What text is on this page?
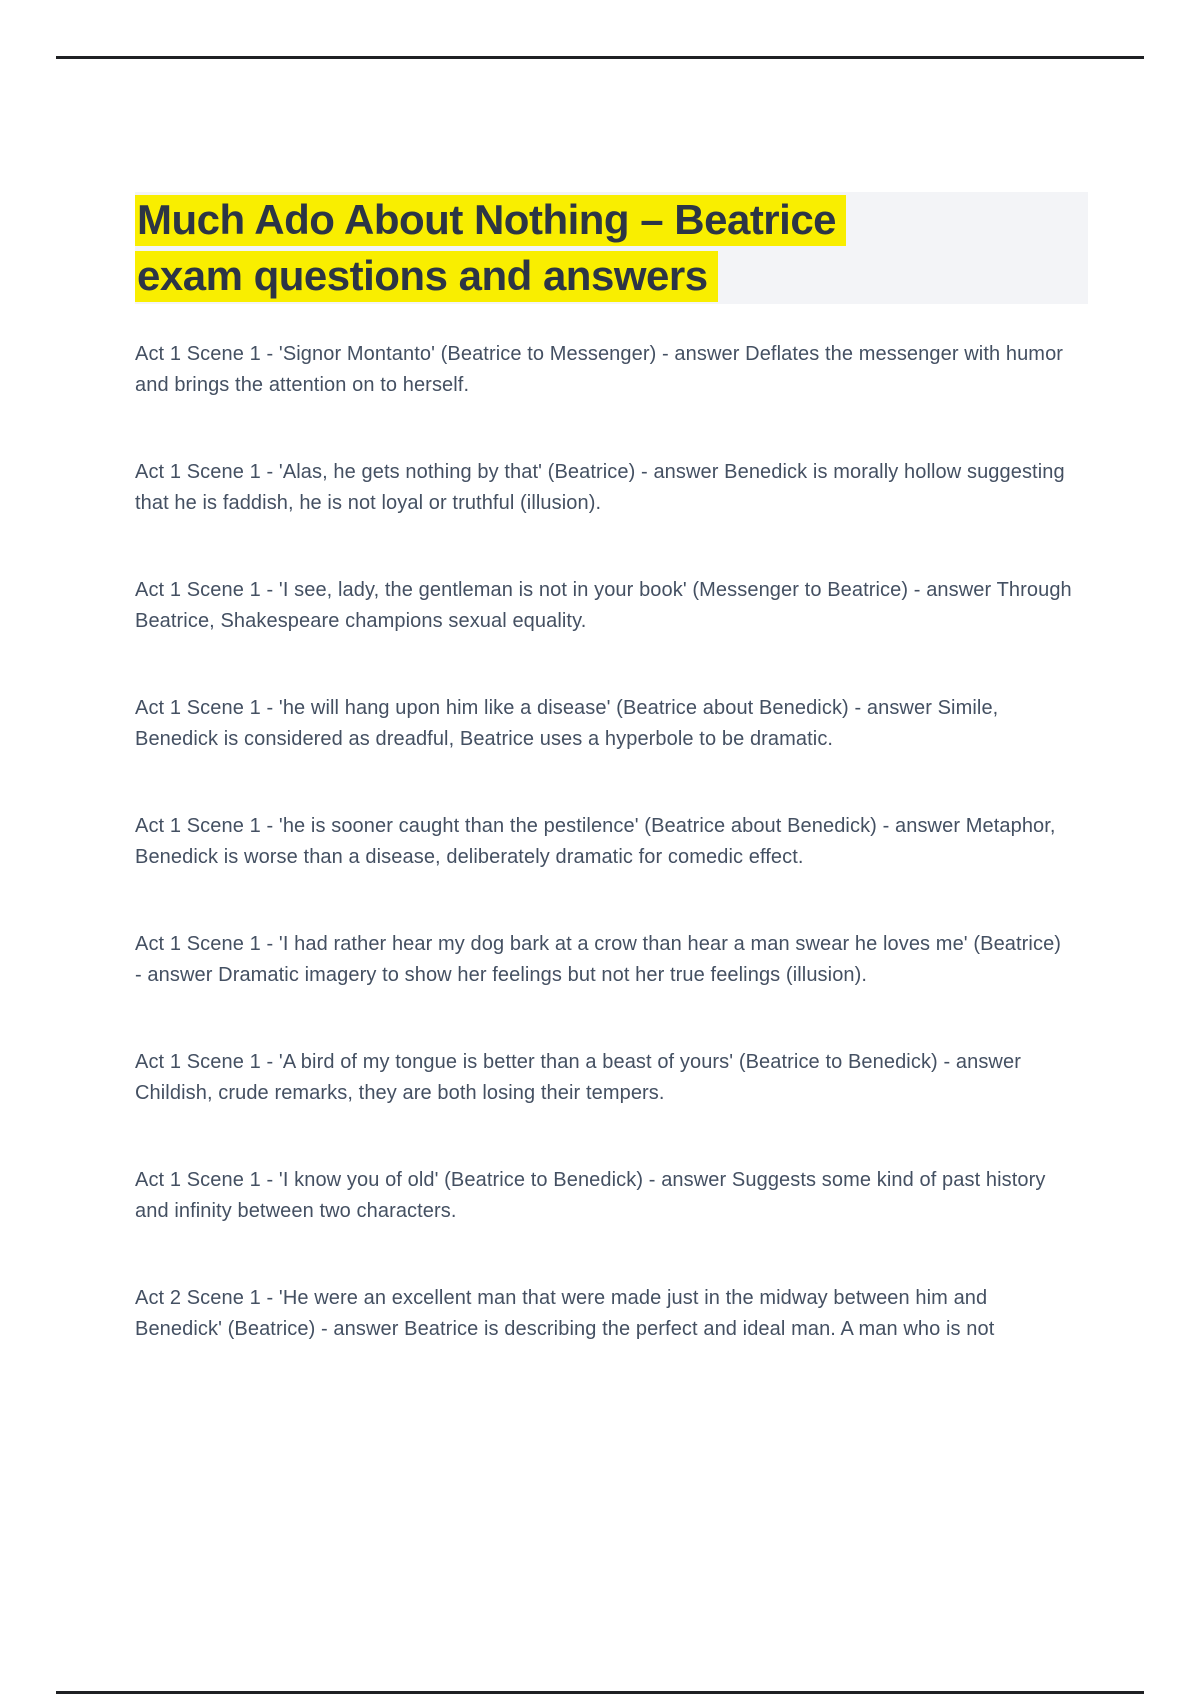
Much Ado About Nothing – Beatrice
exam questions and answers
Act 1 Scene 1 - 'Signor Montanto' (Beatrice to Messenger) - answer Deflates the messenger with humor and brings the attention on to herself.
Act 1 Scene 1 - 'Alas, he gets nothing by that' (Beatrice) - answer Benedick is morally hollow suggesting that he is faddish, he is not loyal or truthful (illusion).
Act 1 Scene 1 - 'I see, lady, the gentleman is not in your book' (Messenger to Beatrice) - answer Through Beatrice, Shakespeare champions sexual equality.
Act 1 Scene 1 - 'he will hang upon him like a disease' (Beatrice about Benedick) - answer Simile, Benedick is considered as dreadful, Beatrice uses a hyperbole to be dramatic.
Act 1 Scene 1 - 'he is sooner caught than the pestilence' (Beatrice about Benedick) - answer Metaphor, Benedick is worse than a disease, deliberately dramatic for comedic effect.
Act 1 Scene 1 - 'I had rather hear my dog bark at a crow than hear a man swear he loves me' (Beatrice) - answer Dramatic imagery to show her feelings but not her true feelings (illusion).
Act 1 Scene 1 - 'A bird of my tongue is better than a beast of yours' (Beatrice to Benedick) - answer Childish, crude remarks, they are both losing their tempers.
Act 1 Scene 1 - 'I know you of old' (Beatrice to Benedick) - answer Suggests some kind of past history and infinity between two characters.
Act 2 Scene 1 - 'He were an excellent man that were made just in the midway between him and Benedick' (Beatrice) - answer Beatrice is describing the perfect and ideal man. A man who is not
